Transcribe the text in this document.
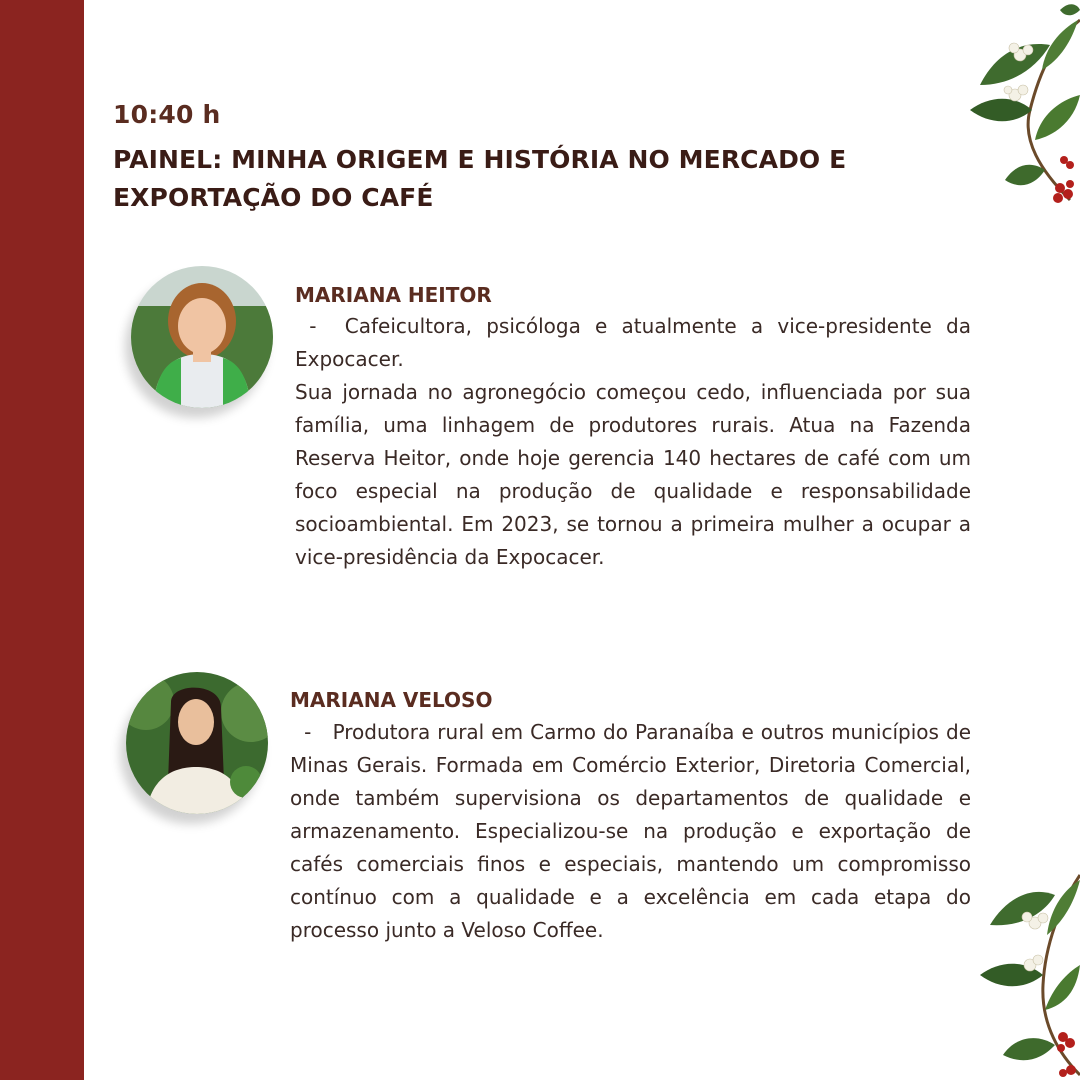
10:40 h
PAINEL: MINHA ORIGEM E HISTÓRIA NO MERCADO E EXPORTAÇÃO DO CAFÉ
MARIANA HEITOR

-  Cafeicultora, psicóloga e atualmente a vice-presidente da Expocacer.

Sua jornada no agronegócio começou cedo, influenciada por sua família, uma linhagem de produtores rurais. Atua na Fazenda Reserva Heitor, onde hoje gerencia 140 hectares de café com um foco especial na produção de qualidade e responsabilidade socioambiental. Em 2023, se tornou a primeira mulher a ocupar a vice-presidência da Expocacer.

MARIANA VELOSO

-   Produtora rural em Carmo do Paranaíba e outros municípios de Minas Gerais. Formada em Comércio Exterior, Diretoria Comercial, onde também supervisiona os departamentos de qualidade e armazenamento. Especializou-se na produção e exportação de cafés comerciais finos e especiais, mantendo um compromisso contínuo com a qualidade e a excelência em cada etapa do processo junto a Veloso Coffee.
